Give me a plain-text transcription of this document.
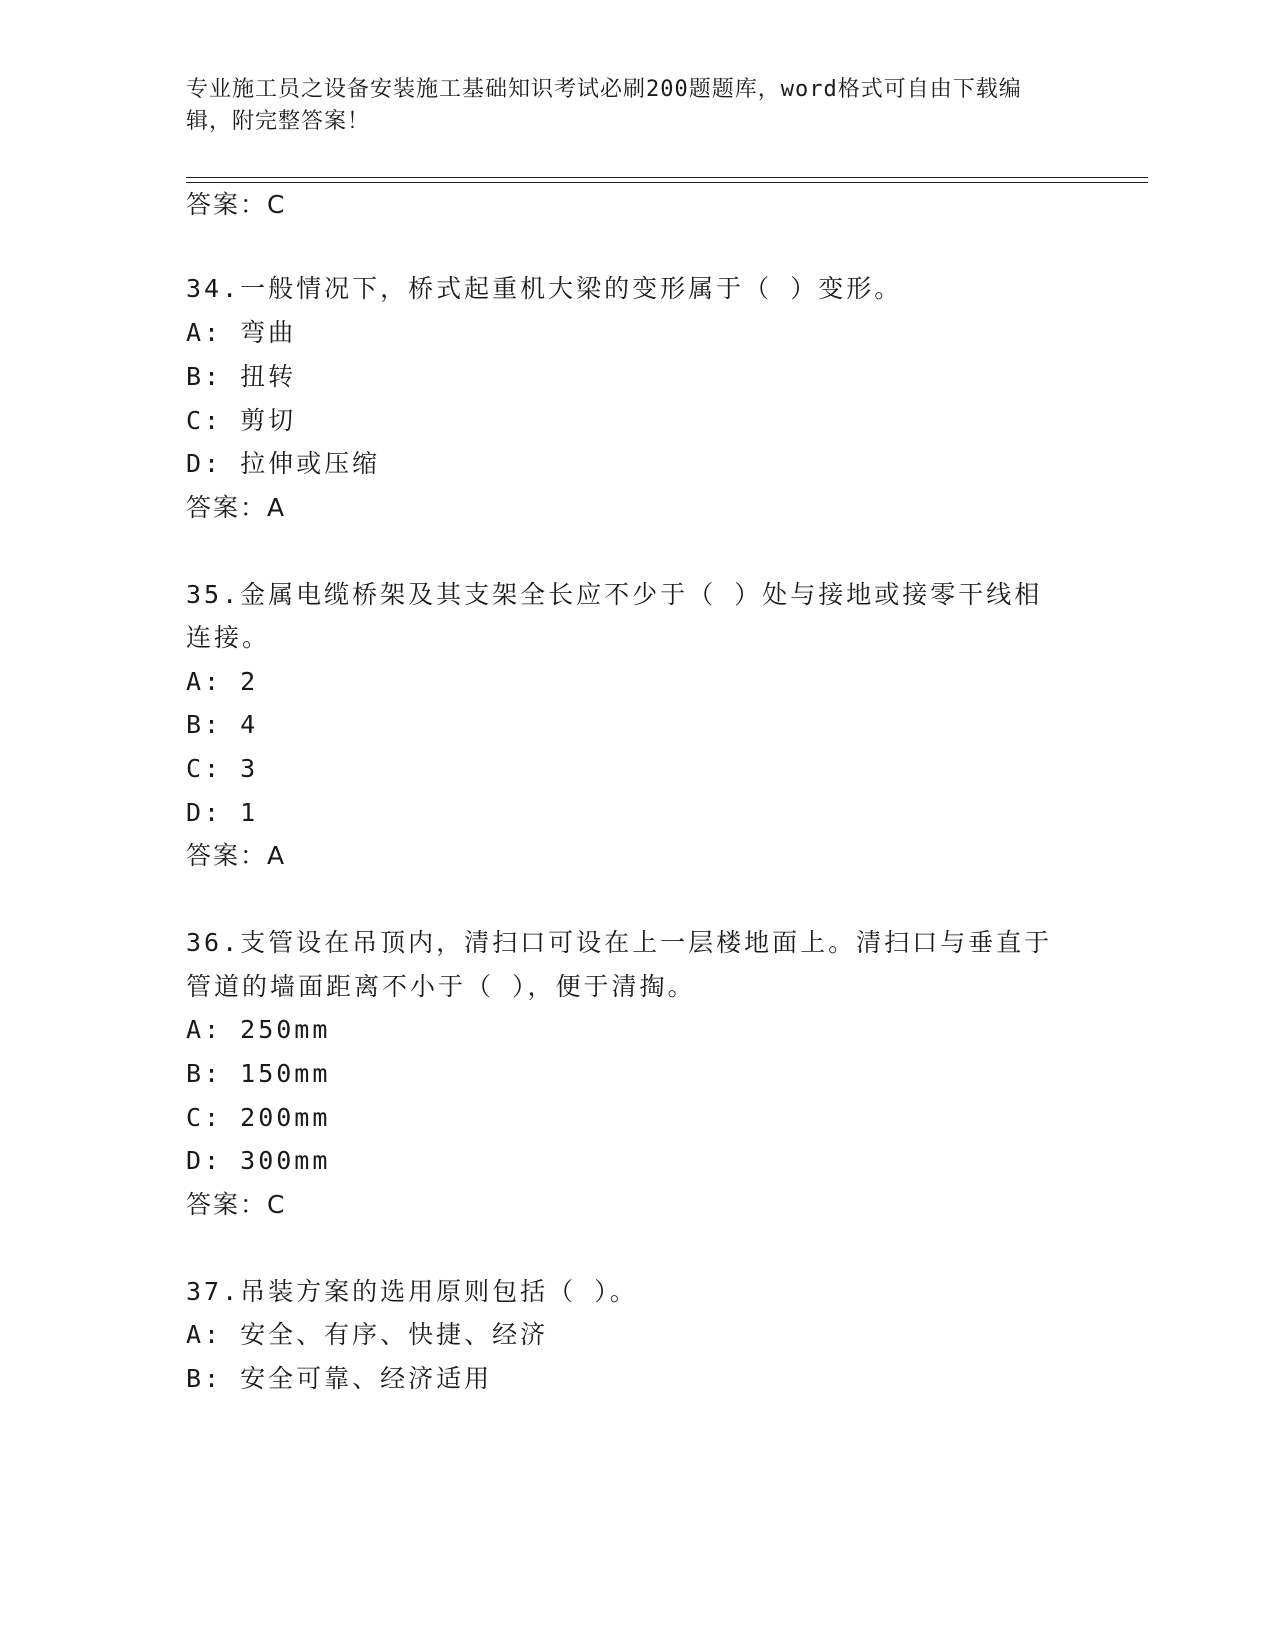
专业施工员之设备安装施工基础知识考试必刷200题题库，word格式可自由下载编辑，附完整答案！
答案：C
34.一般情况下，桥式起重机大梁的变形属于（ ）变形。
A: 弯曲
B: 扭转
C: 剪切
D: 拉伸或压缩
答案：A
35.金属电缆桥架及其支架全长应不少于（ ）处与接地或接零干线相
连接。
A: 2
B: 4
C: 3
D: 1
答案：A
36.支管设在吊顶内，清扫口可设在上一层楼地面上。清扫口与垂直于
管道的墙面距离不小于（ ），便于清掏。
A: 250mm
B: 150mm
C: 200mm
D: 300mm
答案：C
37.吊装方案的选用原则包括（ ）。
A: 安全、有序、快捷、经济
B: 安全可靠、经济适用
